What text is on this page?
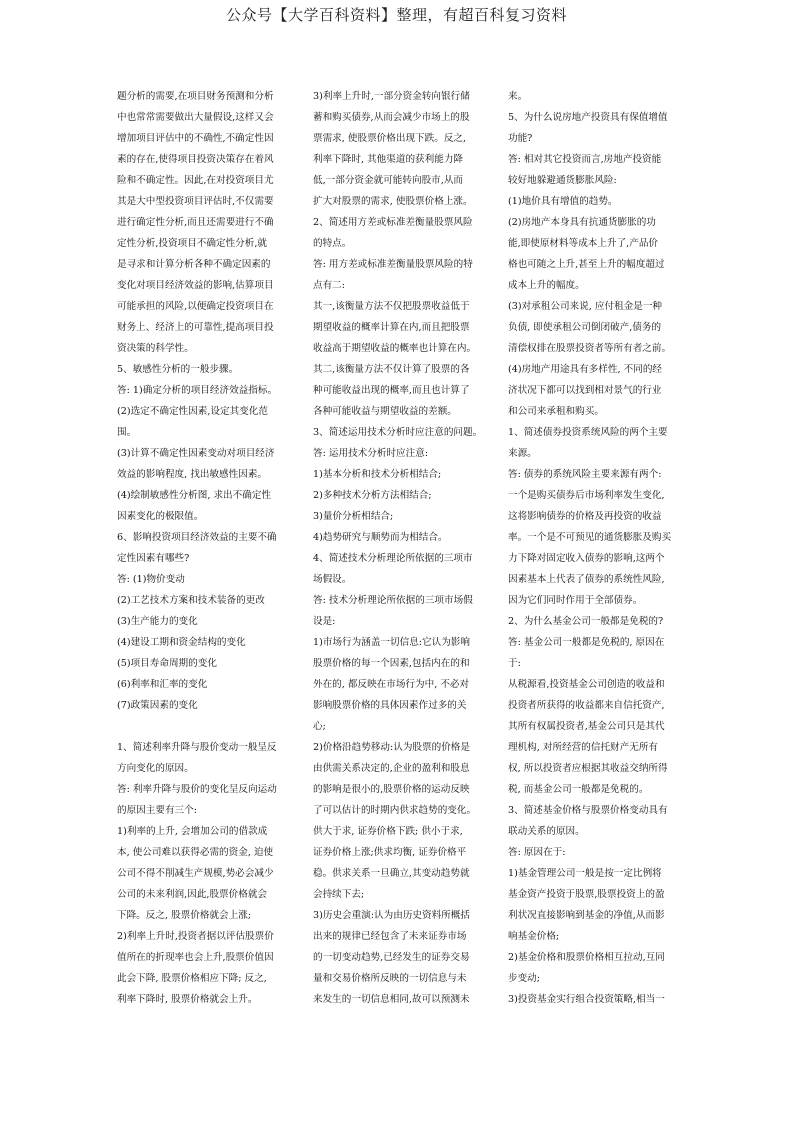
公众号【大学百科资料】整理，有超百科复习资料
题分析的需要,在项目财务预测和分析
中也常常需要做出大量假设,这样又会
增加项目评估中的不确性,不确定性因
素的存在,使得项目投资决策存在着风
险和不确定性。因此,在对投资项目尤
其是大中型投资项目评估时,不仅需要
进行确定性分析,而且还需要进行不确
定性分析,投资项目不确定性分析,就
是寻求和计算分析各种不确定因素的
变化对项目经济效益的影响,估算项目
可能承担的风险,以便确定投资项目在
财务上、经济上的可靠性,提高项目投
资决策的科学性。
5、敏感性分析的一般步骤。
答: 1)确定分析的项目经济效益指标。
(2)选定不确定性因素,设定其变化范
围。
(3)计算不确定性因素变动对项目经济
效益的影响程度, 找出敏感性因素。
(4)绘制敏感性分析图, 求出不确定性
因素变化的极限值。
6、影响投资项目经济效益的主要不确
定性因素有哪些?
答: (1)物价变动
(2)工艺技术方案和技术装备的更改
(3)生产能力的变化
(4)建设工期和资金结构的变化
(5)项目寿命周期的变化
(6)利率和汇率的变化
(7)政策因素的变化
1、简述利率升降与股价变动一般呈反
方向变化的原因。
答: 利率升降与股价的变化呈反向运动
的原因主要有三个:
1)利率的上升, 会增加公司的借款成
本, 使公司难以获得必需的资金, 迫使
公司不得不削减生产规模,势必会减少
公司的未来利润,因此,股票价格就会
下降。反之, 股票价格就会上涨;
2)利率上升时,投资者据以评估股票价
值所在的折现率也会上升,股票价值因
此会下降, 股票价格相应下降; 反之,
利率下降时, 股票价格就会上升。
3)利率上升时,一部分资金转向银行储
蓄和购买债券,从而会减少市场上的股
票需求, 使股票价格出现下跌。反之,
利率下降时, 其他渠道的获利能力降
低,一部分资金就可能转向股市,从而
扩大对股票的需求, 使股票价格上涨。
2、简述用方差或标准差衡量股票风险
的特点。
答: 用方差或标准差衡量股票风险的特
点有二:
其一,该衡量方法不仅把股票收益低于
期望收益的概率计算在内,而且把股票
收益高于期望收益的概率也计算在内。
其二,该衡量方法不仅计算了股票的各
种可能收益出现的概率,而且也计算了
各种可能收益与期望收益的差额。
3、简述运用技术分析时应注意的问题。
答: 运用技术分析时应注意:
1)基本分析和技术分析相结合;
2)多种技术分析方法相结合;
3)量价分析相结合;
4)趋势研究与顺势而为相结合。
4、简述技术分析理论所依据的三项市
场假设。
答: 技术分析理论所依据的三项市场假
设是:
1)市场行为涵盖一切信息:它认为影响
股票价格的每一个因素,包括内在的和
外在的, 都反映在市场行为中, 不必对
影响股票价格的具体因素作过多的关
心;
2)价格沿趋势移动:认为股票的价格是
由供需关系决定的,企业的盈利和股息
的影响是很小的,股票价格的运动反映
了可以估计的时期内供求趋势的变化。
供大于求, 证券价格下跌; 供小于求,
证券价格上涨;供求均衡, 证券价格平
稳。供求关系一旦确立,其变动趋势就
会持续下去;
3)历史会重演:认为由历史资料所概括
出来的规律已经包含了未来证券市场
的一切变动趋势,已经发生的证券交易
量和交易价格所反映的一切信息与未
来发生的一切信息相同,故可以预测未
来。
5、为什么说房地产投资具有保值增值
功能?
答: 相对其它投资而言,房地产投资能
较好地躲避通货膨胀风险:
(1)地价具有增值的趋势。
(2)房地产本身具有抗通货膨胀的功
能,即使原材料等成本上升了,产品价
格也可随之上升,甚至上升的幅度超过
成本上升的幅度。
(3)对承租公司来说, 应付租金是一种
负债, 即使承租公司倒闭破产,债务的
清偿权排在股票投资者等所有者之前。
(4)房地产用途具有多样性, 不同的经
济状况下都可以找到相对景气的行业
和公司来承租和购买。
1、简述债券投资系统风险的两个主要
来源。
答: 债券的系统风险主要来源有两个:
一个是购买债券后市场利率发生变化,
这将影响债券的价格及再投资的收益
率。一个是不可预见的通货膨胀及购买
力下降对固定收入债券的影响,这两个
因素基本上代表了债券的系统性风险,
因为它们同时作用于全部债券。
2、为什么基金公司一般都是免税的?
答: 基金公司一般都是免税的, 原因在
于:
从税源看,投资基金公司创造的收益和
投资者所获得的收益都来自信托资产,
其所有权属投资者,基金公司只是其代
理机构, 对所经营的信托财产无所有
权, 所以投资者应根据其收益交纳所得
税, 而基金公司一般都是免税的。
3、简述基金价格与股票价格变动具有
联动关系的原因。
答: 原因在于:
1)基金管理公司一般是按一定比例将
基金资产投资于股票,股票投资上的盈
利状况直接影响到基金的净值,从而影
响基金价格;
2)基金价格和股票价格相互拉动,互同
步变动;
3)投资基金实行组合投资策略,相当一
